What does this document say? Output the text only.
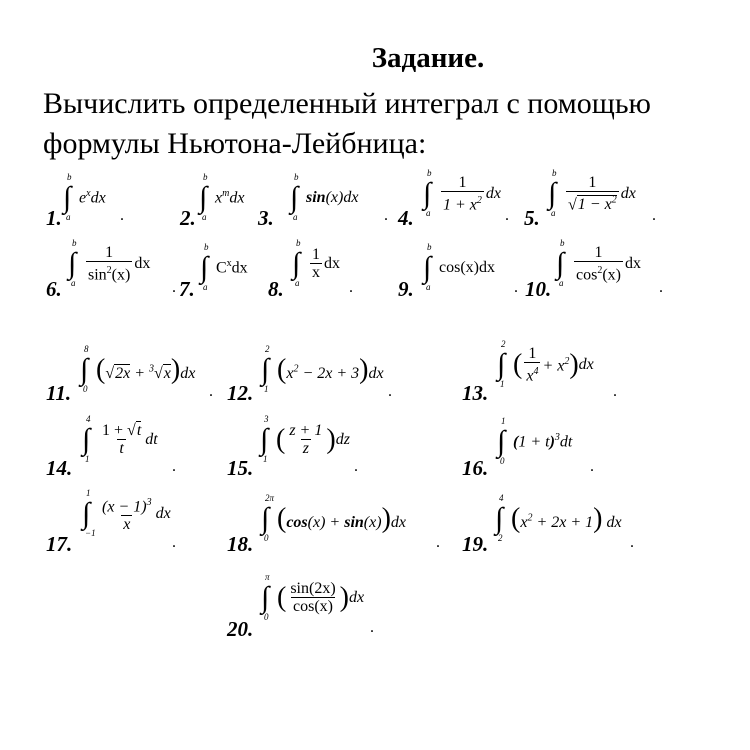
Задание.
Вычислить определенный интеграл с помощью
формулы Ньютона-Лейбница:
1.
∫
b
a
$e^xdx$
.	2.
∫
b
a
$x^mdx$
3.
∫
b
a
sin(x)dx
. 4.
∫
b
a $\frac{1}{1 + x^2}$ dx
. 5.
∫
b
a $\frac{1}{√1 - x^2}$ dx
.
6.
∫
b
a $\frac{1}{\sin^2(x)}$ dx
. 7.
∫
b
a
$C^xdx$
8.
∫
b
a
$\frac{1}{x}$ dx
. 9.
∫
b
a
cos(x)dx
. 10.
∫
b
a $\frac{1}{\cos^2(x)}$ dx
.
11.
∫
8
0
(√2x + $^3$√x)dx
. 12.
∫
2
1
$(x^2 - 2x + 3)dx$
.	13.
∫
2
1
( $\frac{1}{x^4} + x^2$ ) dx
.
14.
∫
4
1
$\frac{1 + √t}{t}$ dt
. 15.
∫
3
1
( $\frac{z + 1}{z}$ ) dz
.	16.
∫
1
0
$(1 + t)^3dt$
.
17.
∫
1
$-1 \frac{(x - 1)^3}{x}$ dx
. 18.
∫
2π
0
(cos(x) + sin(x))dx
. 19.
∫
4
2
$(x^2 + 2x + 1)$ dx
.
20.
∫
π
0
( $\frac{\sin(2x)}{\cos(x)}$ ) dx
.
